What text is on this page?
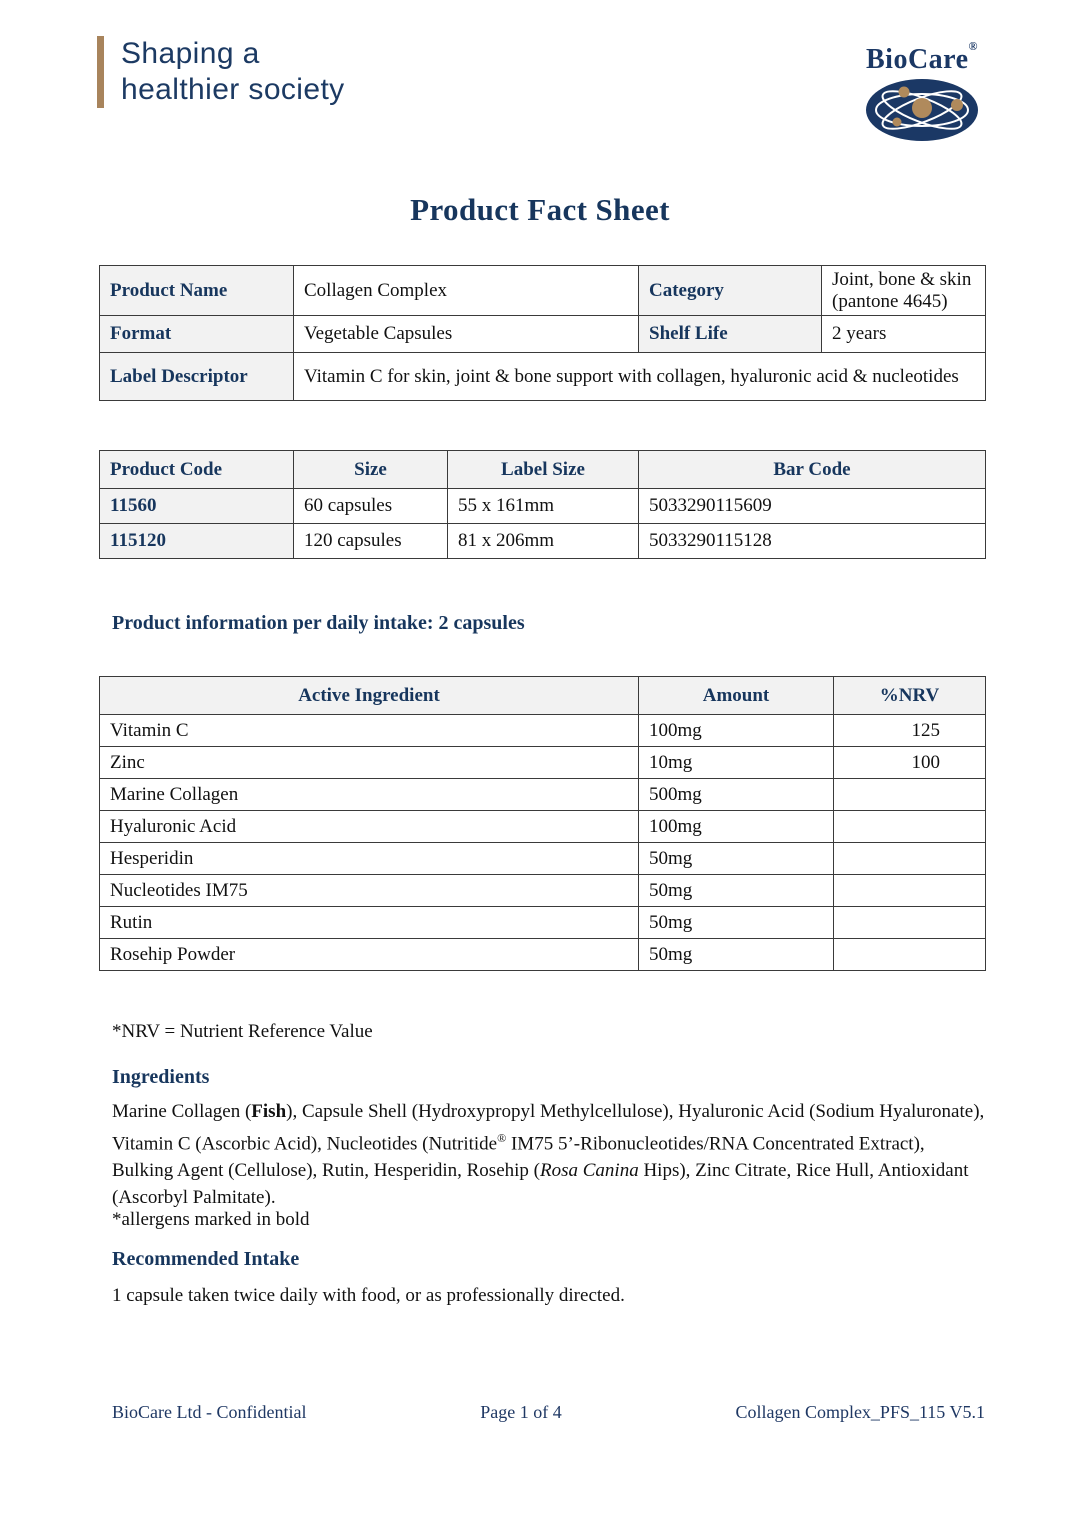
Shaping a
healthier society
BioCare®
Product Fact Sheet
Product Name	Collagen Complex	Category	Joint, bone & skin (pantone 4645)
Format	Vegetable Capsules	Shelf Life	2 years
Label Descriptor	Vitamin C for skin, joint & bone support with collagen, hyaluronic acid & nucleotides		
Product Code	Size	Label Size	Bar Code
11560	60 capsules	55 x 161mm	5033290115609
115120	120 capsules	81 x 206mm	5033290115128
Product information per daily intake: 2 capsules
Active Ingredient	Amount	%NRV
Vitamin C	100mg	125
Zinc	10mg	100
Marine Collagen	500mg	
Hyaluronic Acid	100mg	
Hesperidin	50mg	
Nucleotides IM75	50mg	
Rutin	50mg	
Rosehip Powder	50mg	
*NRV = Nutrient Reference Value
Ingredients
Marine Collagen (Fish), Capsule Shell (Hydroxypropyl Methylcellulose), Hyaluronic Acid (Sodium Hyaluronate), Vitamin C (Ascorbic Acid), Nucleotides (Nutritide® IM75 5’-Ribonucleotides/RNA Concentrated Extract), Bulking Agent (Cellulose), Rutin, Hesperidin, Rosehip (Rosa Canina Hips), Zinc Citrate, Rice Hull, Antioxidant (Ascorbyl Palmitate).
*allergens marked in bold
Recommended Intake
1 capsule taken twice daily with food, or as professionally directed.
BioCare Ltd - Confidential	Page 1 of 4	Collagen Complex_PFS_115 V5.1
